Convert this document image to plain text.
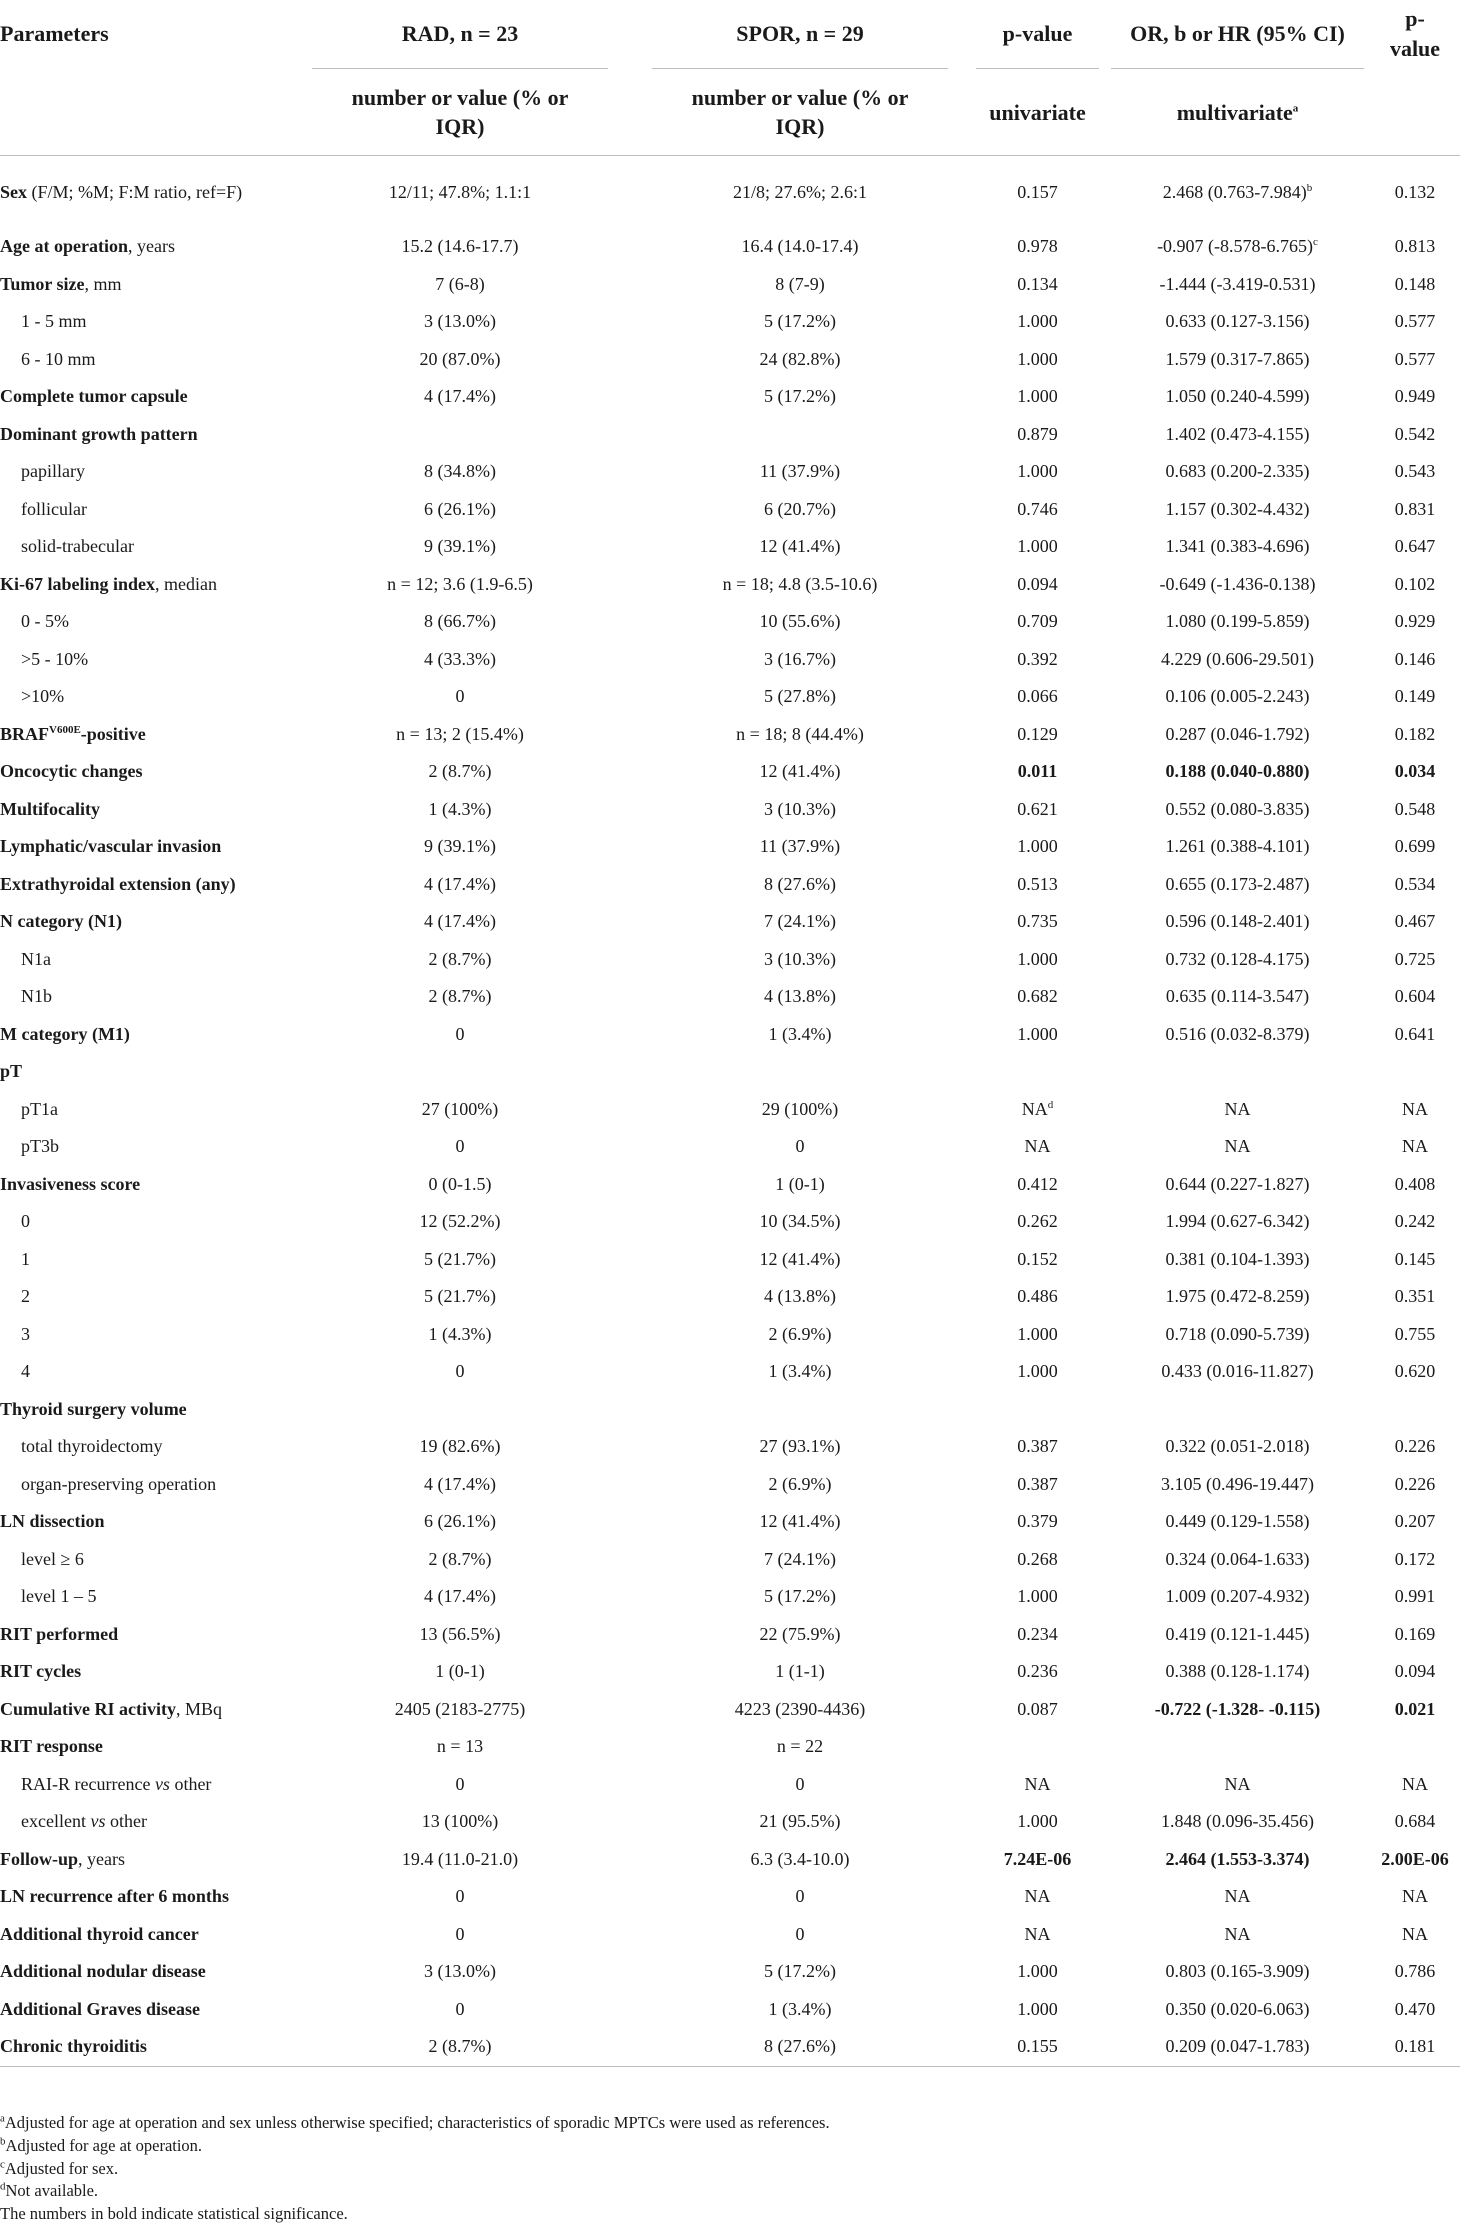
Parameters	RAD, n = 23	SPOR, n = 29	p-value	OR, b or HR (95% CI)	p-value

	number or value (% or IQR)	number or value (% or IQR)	univariate	multivariate$^a$	

Sex (F/M; %M; F:M ratio, ref=F)	12/11; 47.8%; 1.1:1	21/8; 27.6%; 2.6:1	0.157	2.468 $(0.763-7.984)^b$	0.132
Age at operation, years	15.2 (14.6-17.7)	16.4 (14.0-17.4)	0.978	-0.907 $(-8.578-6.765)^c$	0.813
Tumor size, mm	7 (6-8)	8 (7-9)	0.134	-1.444 (-3.419-0.531)	0.148
1 - 5 mm	3 (13.0%)	5 (17.2%)	1.000	0.633 (0.127-3.156)	0.577
6 - 10 mm	20 (87.0%)	24 (82.8%)	1.000	1.579 (0.317-7.865)	0.577
Complete tumor capsule	4 (17.4%)	5 (17.2%)	1.000	1.050 (0.240-4.599)	0.949
Dominant growth pattern			0.879	1.402 (0.473-4.155)	0.542
papillary	8 (34.8%)	11 (37.9%)	1.000	0.683 (0.200-2.335)	0.543
follicular	6 (26.1%)	6 (20.7%)	0.746	1.157 (0.302-4.432)	0.831
solid-trabecular	9 (39.1%)	12 (41.4%)	1.000	1.341 (0.383-4.696)	0.647
Ki-67 labeling index, median	n = 12; 3.6 (1.9-6.5)	n = 18; 4.8 (3.5-10.6)	0.094	-0.649 (-1.436-0.138)	0.102
0 - 5%	8 (66.7%)	10 (55.6%)	0.709	1.080 (0.199-5.859)	0.929
>5 - 10%	4 (33.3%)	3 (16.7%)	0.392	4.229 (0.606-29.501)	0.146
>10%	0	5 (27.8%)	0.066	0.106 (0.005-2.243)	0.149
$BRAF^{V600E}$-positive	n = 13; 2 (15.4%)	n = 18; 8 (44.4%)	0.129	0.287 (0.046-1.792)	0.182
Oncocytic changes	2 (8.7%)	12 (41.4%)	0.011	0.188 (0.040-0.880)	0.034
Multifocality	1 (4.3%)	3 (10.3%)	0.621	0.552 (0.080-3.835)	0.548
Lymphatic/vascular invasion	9 (39.1%)	11 (37.9%)	1.000	1.261 (0.388-4.101)	0.699
Extrathyroidal extension (any)	4 (17.4%)	8 (27.6%)	0.513	0.655 (0.173-2.487)	0.534
N category (N1)	4 (17.4%)	7 (24.1%)	0.735	0.596 (0.148-2.401)	0.467
N1a	2 (8.7%)	3 (10.3%)	1.000	0.732 (0.128-4.175)	0.725
N1b	2 (8.7%)	4 (13.8%)	0.682	0.635 (0.114-3.547)	0.604
M category (M1)	0	1 (3.4%)	1.000	0.516 (0.032-8.379)	0.641
pT					
pT1a	27 (100%)	29 (100%)	$NA^d$	NA	NA
pT3b	0	0	NA	NA	NA
Invasiveness score	0 (0-1.5)	1 (0-1)	0.412	0.644 (0.227-1.827)	0.408
0	12 (52.2%)	10 (34.5%)	0.262	1.994 (0.627-6.342)	0.242
1	5 (21.7%)	12 (41.4%)	0.152	0.381 (0.104-1.393)	0.145
2	5 (21.7%)	4 (13.8%)	0.486	1.975 (0.472-8.259)	0.351
3	1 (4.3%)	2 (6.9%)	1.000	0.718 (0.090-5.739)	0.755
4	0	1 (3.4%)	1.000	0.433 (0.016-11.827)	0.620
Thyroid surgery volume					
total thyroidectomy	19 (82.6%)	27 (93.1%)	0.387	0.322 (0.051-2.018)	0.226
organ-preserving operation	4 (17.4%)	2 (6.9%)	0.387	3.105 (0.496-19.447)	0.226
LN dissection	6 (26.1%)	12 (41.4%)	0.379	0.449 (0.129-1.558)	0.207
level ≥ 6	2 (8.7%)	7 (24.1%)	0.268	0.324 (0.064-1.633)	0.172
level 1 – 5	4 (17.4%)	5 (17.2%)	1.000	1.009 (0.207-4.932)	0.991
RIT performed	13 (56.5%)	22 (75.9%)	0.234	0.419 (0.121-1.445)	0.169
RIT cycles	1 (0-1)	1 (1-1)	0.236	0.388 (0.128-1.174)	0.094
Cumulative RI activity, MBq	2405 (2183-2775)	4223 (2390-4436)	0.087	-0.722 (-1.328- -0.115)	0.021
RIT response	n = 13	n = 22			
RAI-R recurrence vs other	0	0	NA	NA	NA
excellent vs other	13 (100%)	21 (95.5%)	1.000	1.848 (0.096-35.456)	0.684
Follow-up, years	19.4 (11.0-21.0)	6.3 (3.4-10.0)	7.24E-06	2.464 (1.553-3.374)	2.00E-06
LN recurrence after 6 months	0	0	NA	NA	NA
Additional thyroid cancer	0	0	NA	NA	NA
Additional nodular disease	3 (13.0%)	5 (17.2%)	1.000	0.803 (0.165-3.909)	0.786
Additional Graves disease	0	1 (3.4%)	1.000	0.350 (0.020-6.063)	0.470
Chronic thyroiditis	2 (8.7%)	8 (27.6%)	0.155	0.209 (0.047-1.783)	0.181

$^a$Adjusted for age at operation and sex unless otherwise specified; characteristics of sporadic MPTCs were used as references.
$^b$Adjusted for age at operation.
$^c$Adjusted for sex.
$^d$Not available.
The numbers in bold indicate statistical significance.
